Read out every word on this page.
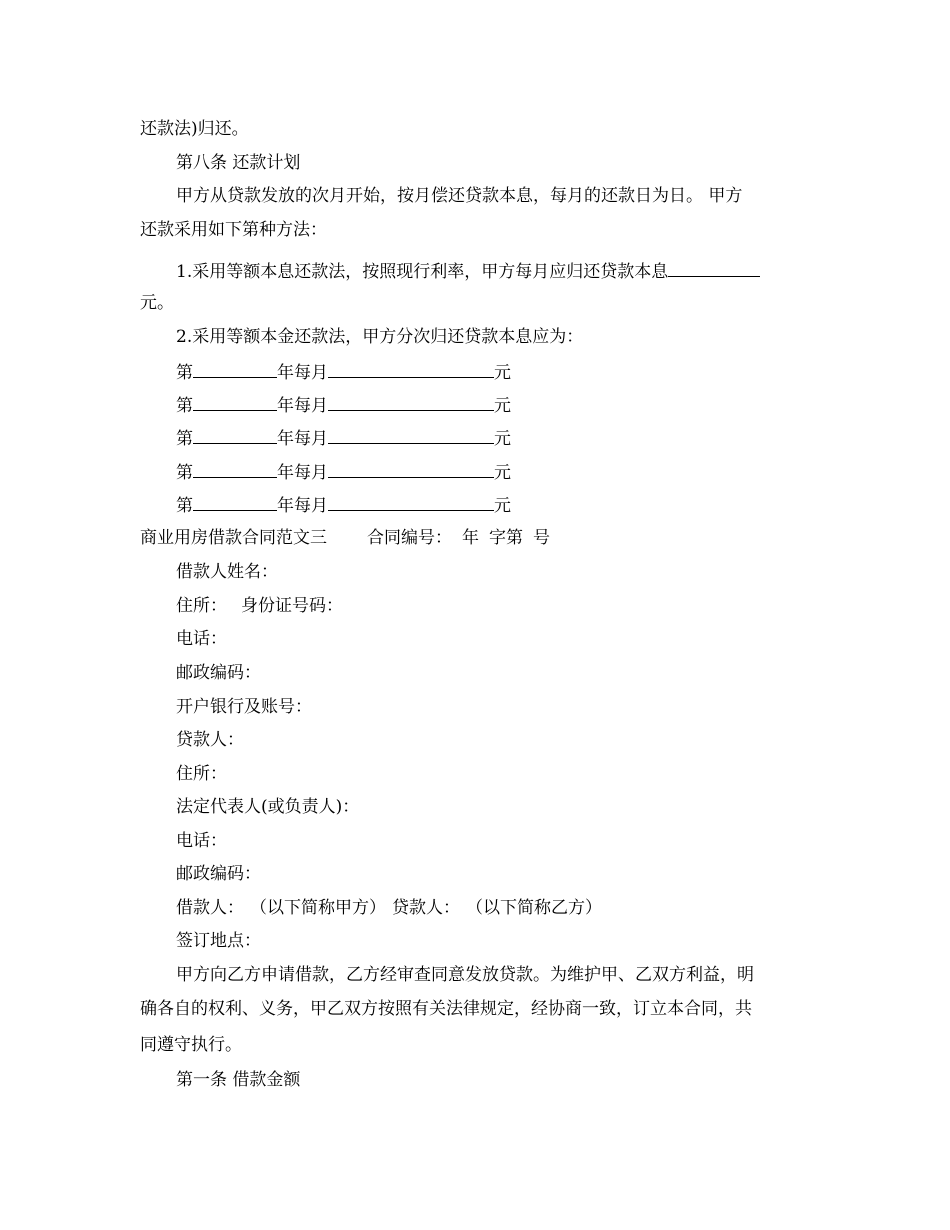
还款法)归还。
第八条 还款计划
甲方从贷款发放的次月开始，按月偿还贷款本息，每月的还款日为日。 甲方
还款采用如下第种方法：
1.采用等额本息还款法，按照现行利率，甲方每月应归还贷款本息
元。
2.采用等额本金还款法，甲方分次归还贷款本息应为：
第	年每月	元
第	年每月	元
第	年每月	元
第	年每月	元
第	年每月	元
商业用房借款合同范文三 合同编号： 年 字第 号
借款人姓名：
住所： 身份证号码：
电话：
邮政编码：
开户银行及账号：
贷款人：
住所：
法定代表人(或负责人)：
电话：
邮政编码：
借款人： （以下简称甲方） 贷款人： （以下简称乙方）
签订地点：
甲方向乙方申请借款，乙方经审查同意发放贷款。为维护甲、乙双方利益，明
确各自的权利、义务，甲乙双方按照有关法律规定，经协商一致，订立本合同，共
同遵守执行。
第一条 借款金额
